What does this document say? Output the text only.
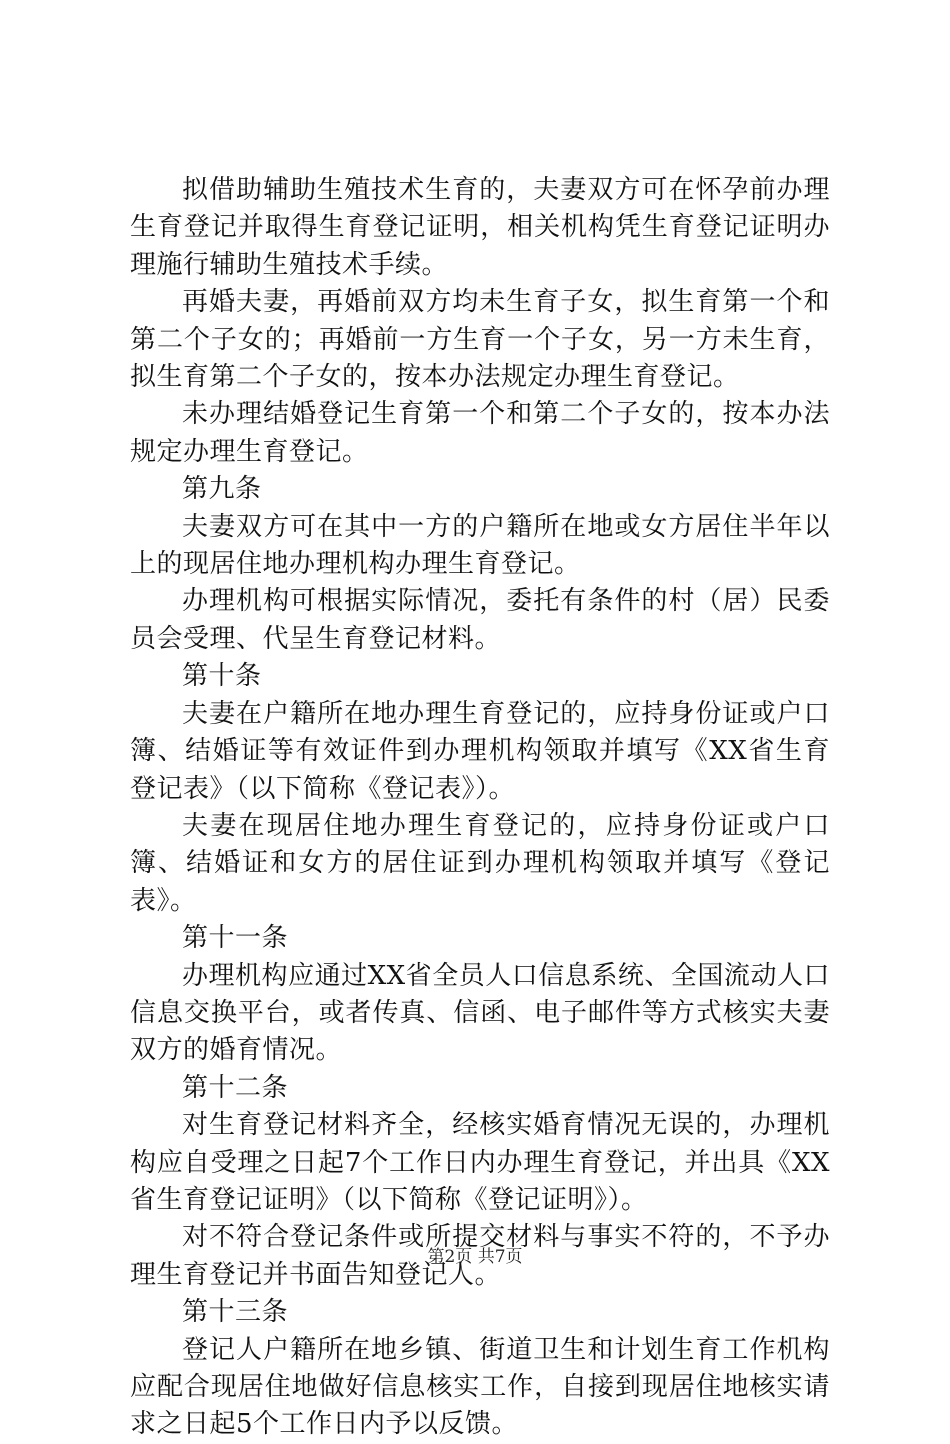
拟借助辅助生殖技术生育的，夫妻双方可在怀孕前办理生育登记并取得生育登记证明，相关机构凭生育登记证明办理施行辅助生殖技术手续。

再婚夫妻，再婚前双方均未生育子女，拟生育第一个和第二个子女的；再婚前一方生育一个子女，另一方未生育，拟生育第二个子女的，按本办法规定办理生育登记。

未办理结婚登记生育第一个和第二个子女的，按本办法规定办理生育登记。

第九条

夫妻双方可在其中一方的户籍所在地或女方居住半年以上的现居住地办理机构办理生育登记。

办理机构可根据实际情况，委托有条件的村（居）民委员会受理、代呈生育登记材料。

第十条

夫妻在户籍所在地办理生育登记的，应持身份证或户口簿、结婚证等有效证件到办理机构领取并填写《XX省生育登记表》（以下简称《登记表》）。

夫妻在现居住地办理生育登记的，应持身份证或户口簿、结婚证和女方的居住证到办理机构领取并填写《登记表》。

第十一条

办理机构应通过XX省全员人口信息系统、全国流动人口信息交换平台，或者传真、信函、电子邮件等方式核实夫妻双方的婚育情况。

第十二条

对生育登记材料齐全，经核实婚育情况无误的，办理机构应自受理之日起7个工作日内办理生育登记，并出具《XX省生育登记证明》（以下简称《登记证明》）。

对不符合登记条件或所提交材料与事实不符的，不予办理生育登记并书面告知登记人。

第十三条

登记人户籍所在地乡镇、街道卫生和计划生育工作机构应配合现居住地做好信息核实工作，自接到现居住地核实请求之日起5个工作日内予以反馈。

第2页 共7页
